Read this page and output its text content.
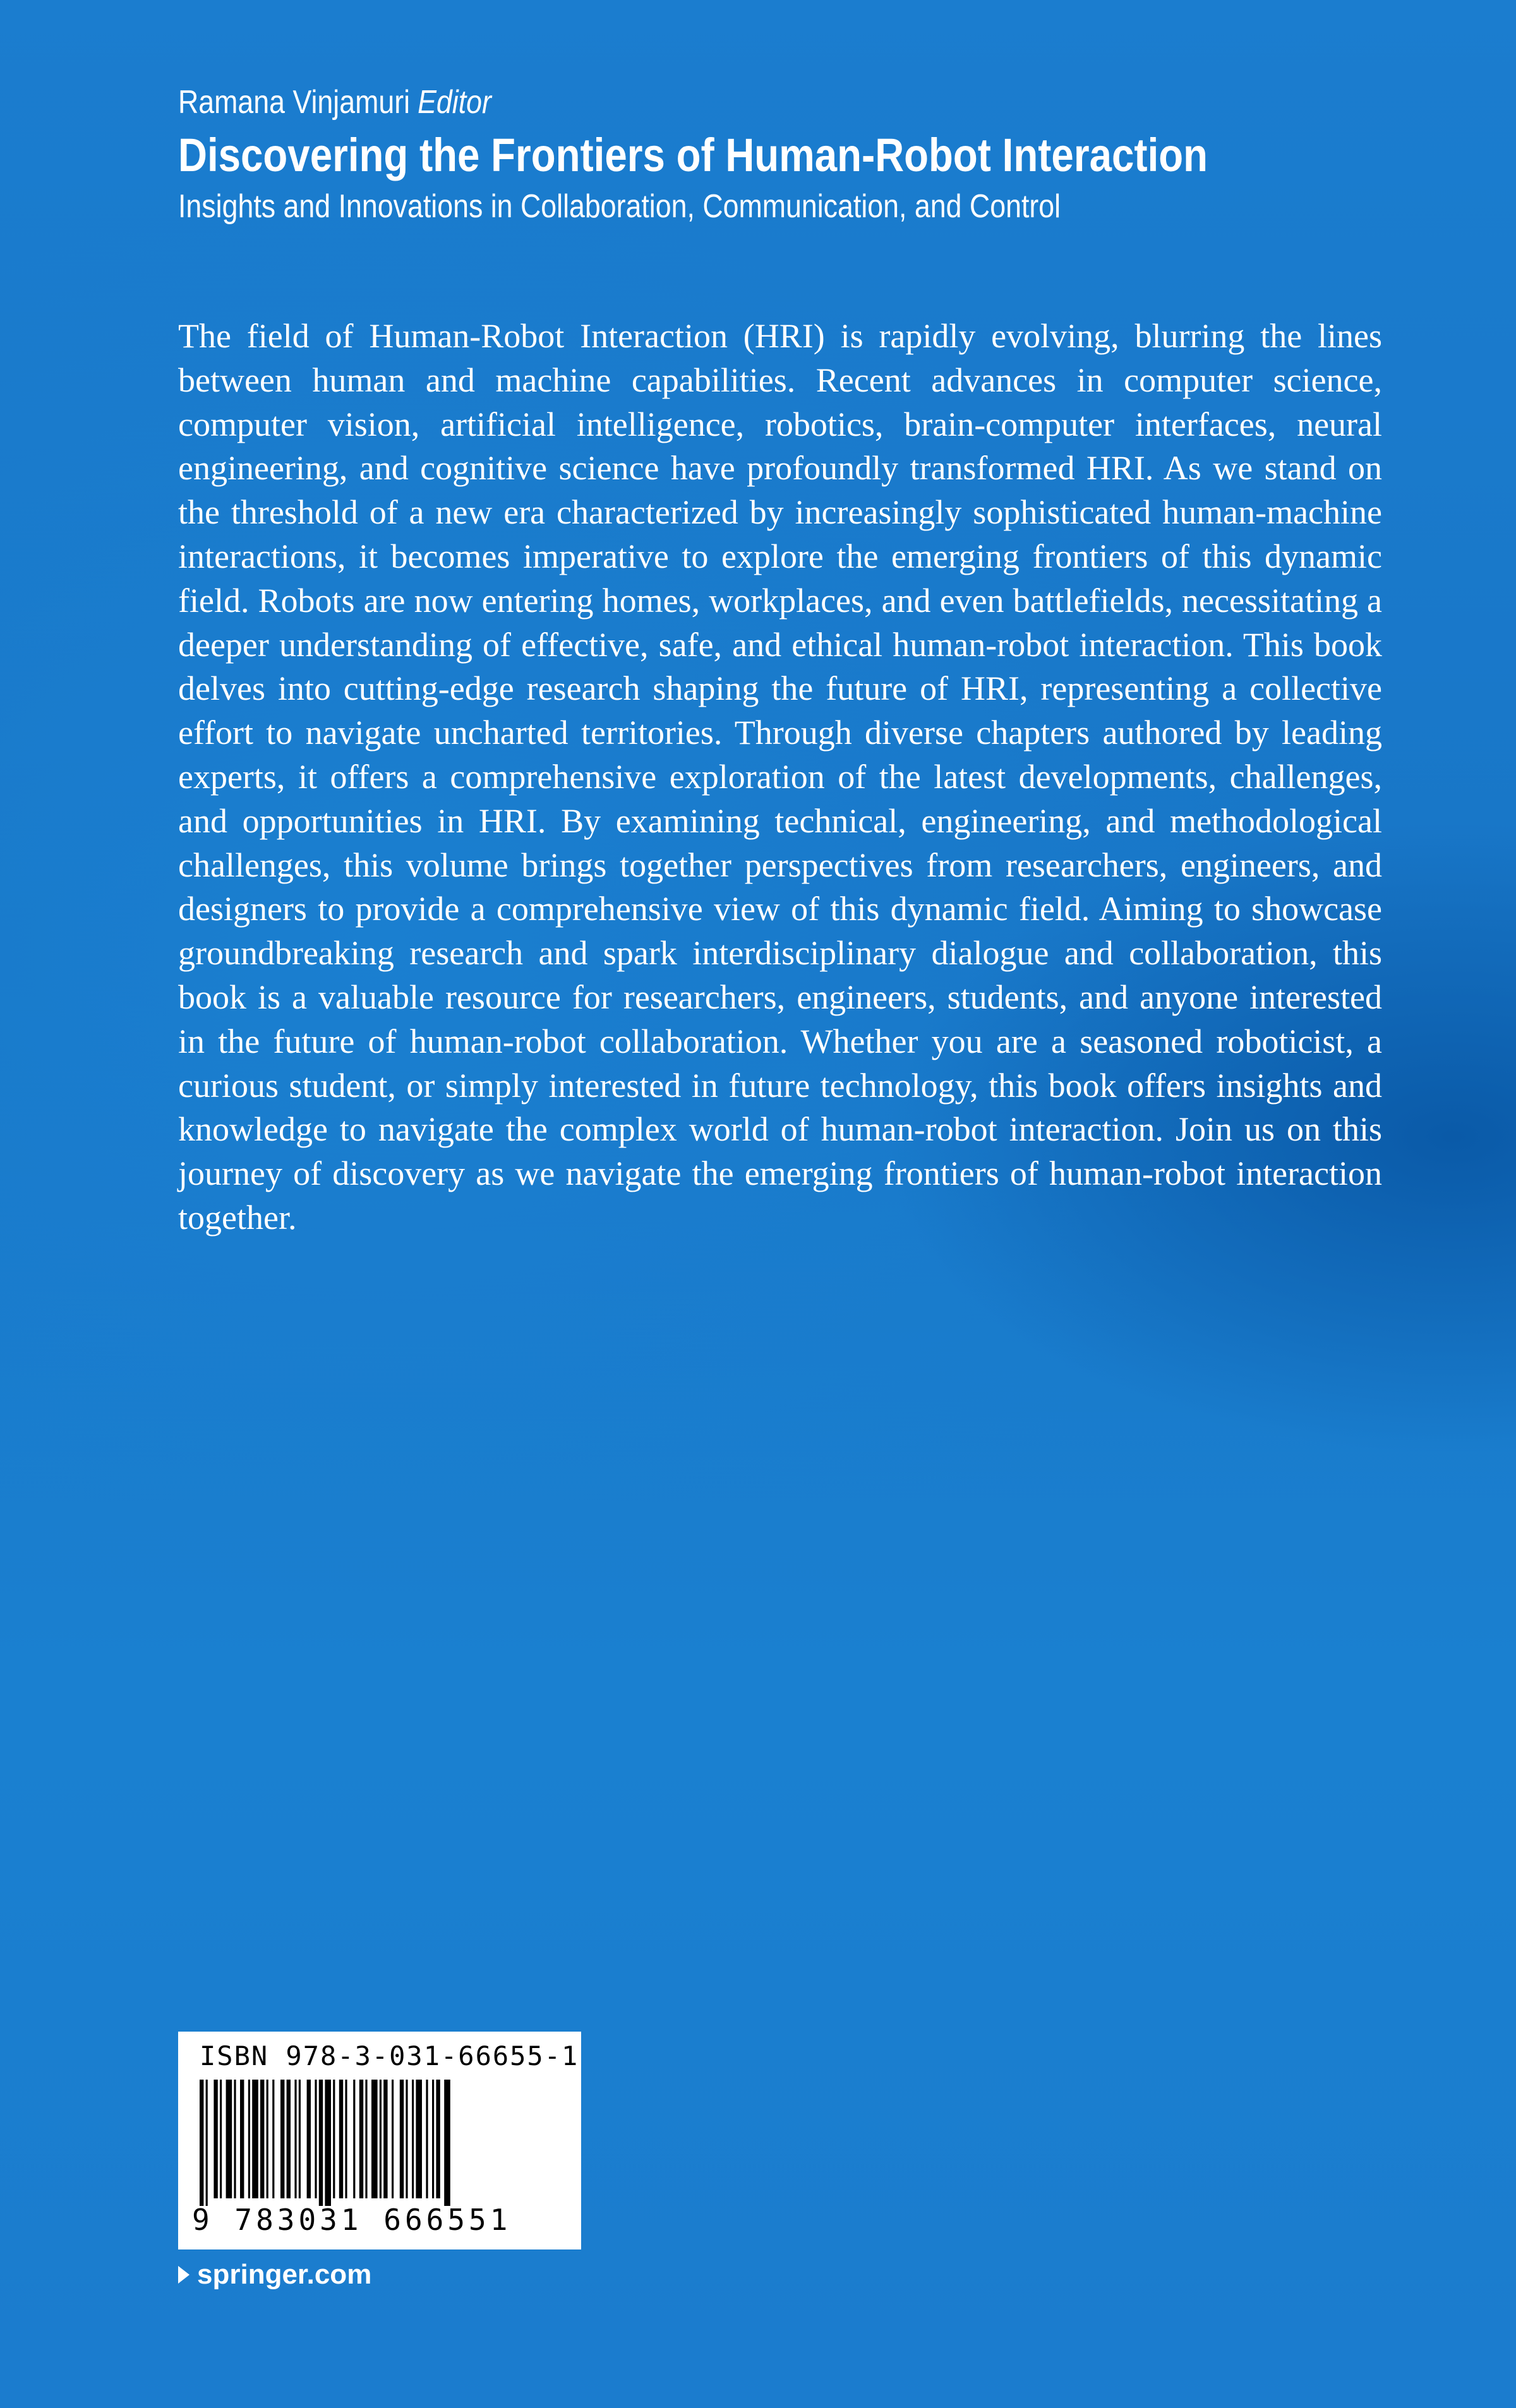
Ramana Vinjamuri Editor
Discovering the Frontiers of Human-Robot Interaction
Insights and Innovations in Collaboration, Communication, and Control

The field of Human-Robot Interaction (HRI) is rapidly evolving, blurring the lines between human and machine capabilities. Recent advances in computer science, computer vision, artificial intelligence, robotics, brain-computer interfaces, neural engineering, and cognitive science have profoundly transformed HRI. As we stand on the threshold of a new era characterized by increasingly sophisticated human-machine interactions, it becomes imperative to explore the emerging frontiers of this dynamic field. Robots are now entering homes, workplaces, and even battlefields, necessitating a deeper understanding of effective, safe, and ethical human-robot interaction. This book delves into cutting-edge research shaping the future of HRI, representing a collective effort to navigate uncharted territories. Through diverse chapters authored by leading experts, it offers a comprehensive exploration of the latest developments, challenges, and opportunities in HRI. By examining technical, engineering, and methodological challenges, this volume brings together perspectives from researchers, engineers, and designers to provide a comprehensive view of this dynamic field. Aiming to showcase groundbreaking research and spark interdisciplinary dialogue and collaboration, this book is a valuable resource for researchers, engineers, students, and anyone interested in the future of human-robot collaboration. Whether you are a seasoned roboticist, a curious student, or simply interested in future technology, this book offers insights and knowledge to navigate the complex world of human-robot interaction. Join us on this journey of discovery as we navigate the emerging frontiers of human-robot interaction together.

ISBN 978-3-031-66655-1
9 783031 666551
springer.com
